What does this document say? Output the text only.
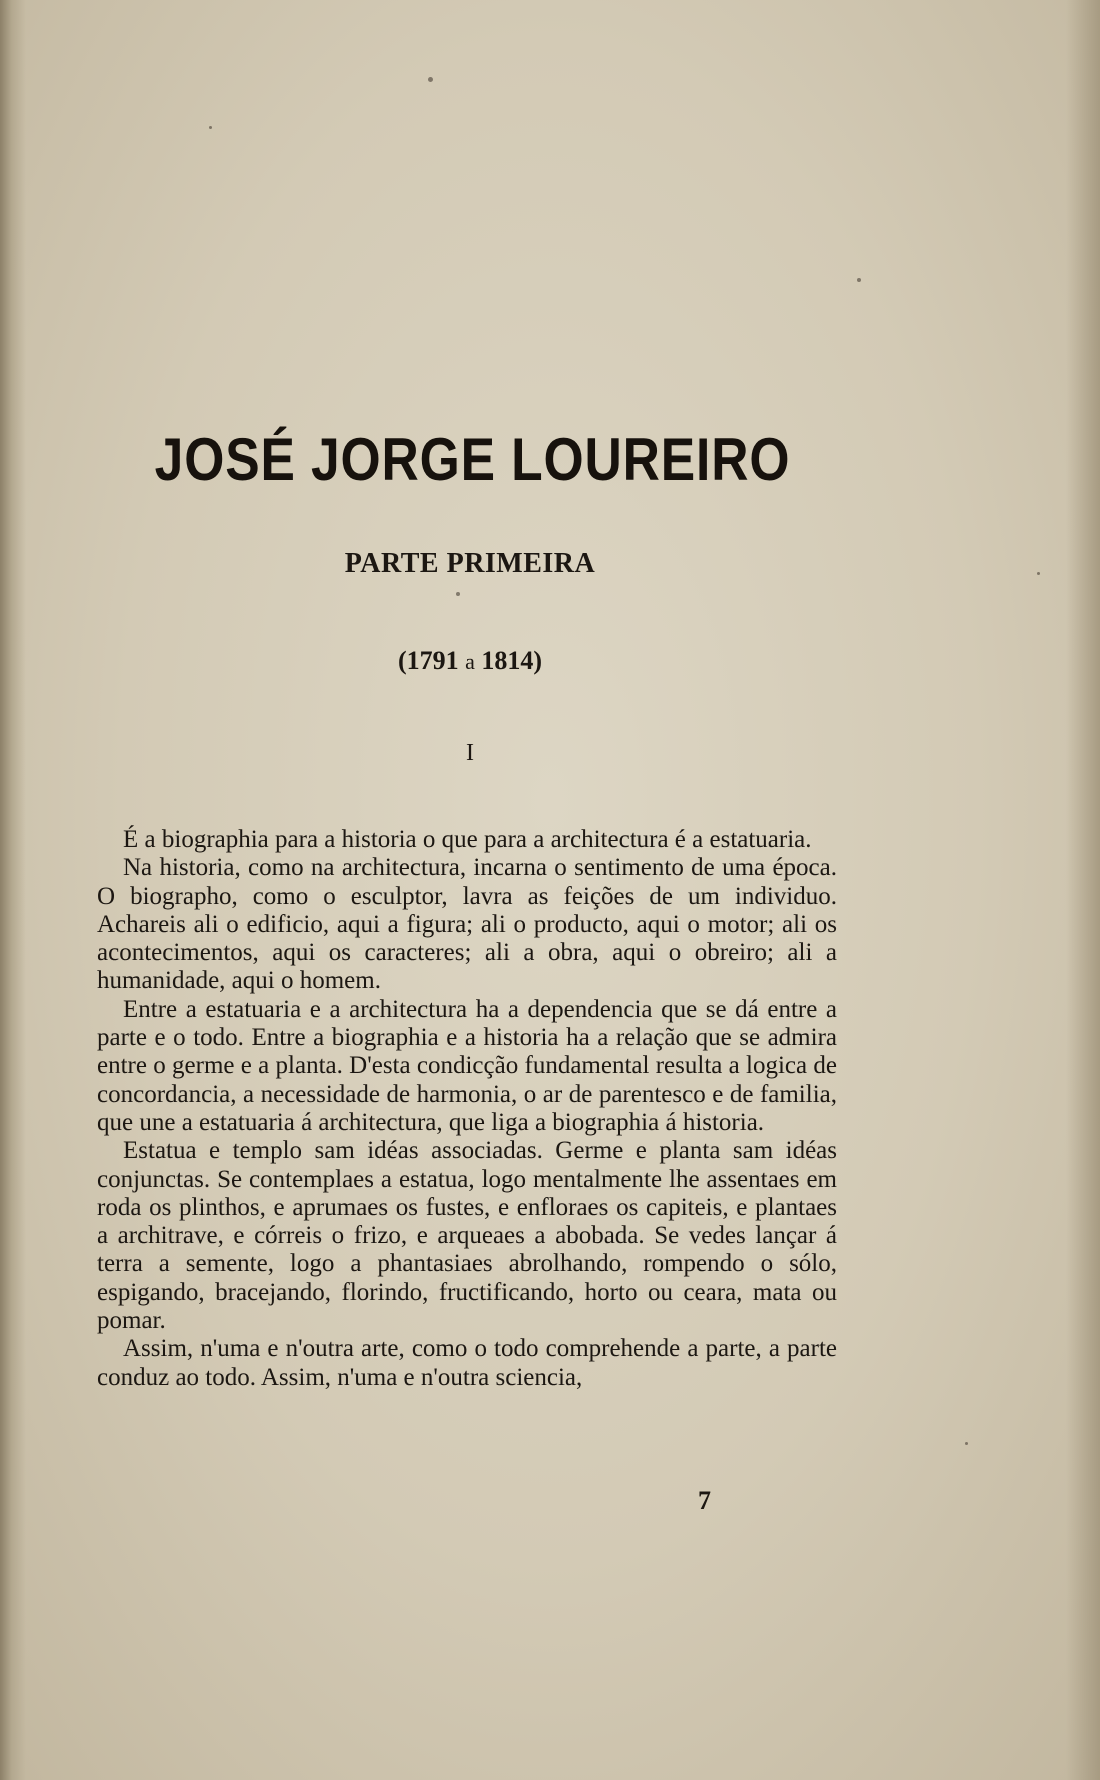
JOSÉ JORGE LOUREIRO
PARTE PRIMEIRA

(1791 a 1814)

I

É a biographia para a historia o que para a architectura é a estatuaria.

Na historia, como na architectura, incarna o sentimento de uma época. O biographo, como o esculptor, lavra as feições de um individuo. Achareis ali o edificio, aqui a figura; ali o producto, aqui o motor; ali os acontecimentos, aqui os caracteres; ali a obra, aqui o obreiro; ali a humanidade, aqui o homem.

Entre a estatuaria e a architectura ha a dependencia que se dá entre a parte e o todo. Entre a biographia e a historia ha a relação que se admira entre o germe e a planta. D'esta condicção fundamental resulta a logica de concordancia, a necessidade de harmonia, o ar de parentesco e de familia, que une a estatuaria á architectura, que liga a biographia á historia.

Estatua e templo sam idéas associadas. Germe e planta sam idéas conjunctas. Se contemplaes a estatua, logo mentalmente lhe assentaes em roda os plinthos, e aprumaes os fustes, e enfloraes os capiteis, e plantaes a architrave, e córreis o frizo, e arqueaes a abobada. Se vedes lançar á terra a semente, logo a phantasiaes abrolhando, rompendo o sólo, espigando, bracejando, florindo, fructificando, horto ou ceara, mata ou pomar.

Assim, n'uma e n'outra arte, como o todo comprehende a parte, a parte conduz ao todo. Assim, n'uma e n'outra sciencia,

7
